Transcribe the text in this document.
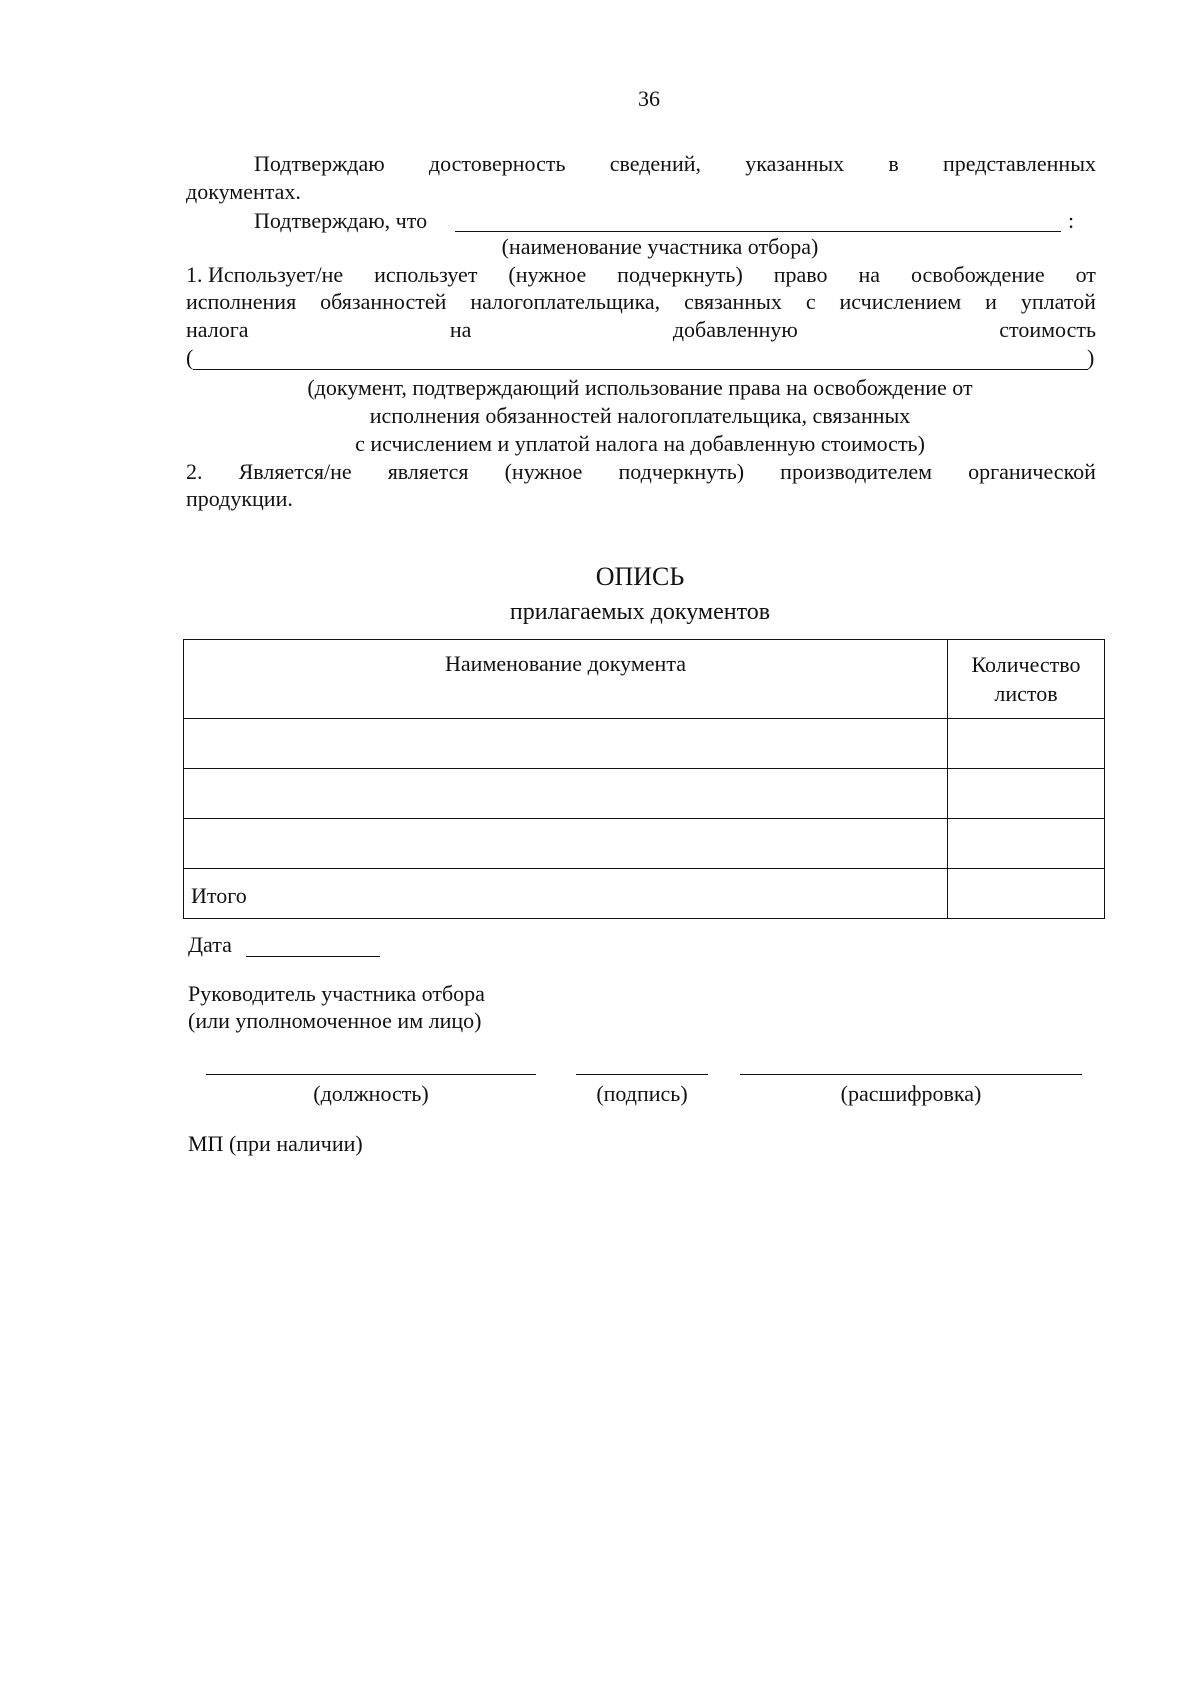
36
Подтверждаю достоверность сведений, указанных в представленных
документах.
Подтверждаю, что	:
(наименование участника отбора)
1. Использует/не использует (нужное подчеркнуть) право на освобождение от
исполнения обязанностей налогоплательщика, связанных с исчислением и уплатой
налога	на	добавленную	стоимость
(	)
(документ, подтверждающий использование права на освобождение от
исполнения обязанностей налогоплательщика, связанных
с исчислением и уплатой налога на добавленную стоимость)
2. Является/не является (нужное подчеркнуть) производителем органической
продукции.
ОПИСЬ
прилагаемых документов
Наименование документа	Количество
листов

Итого	
Дата
Руководитель участника отбора
(или уполномоченное им лицо)
(должность)	(подпись)	(расшифровка)
МП (при наличии)
